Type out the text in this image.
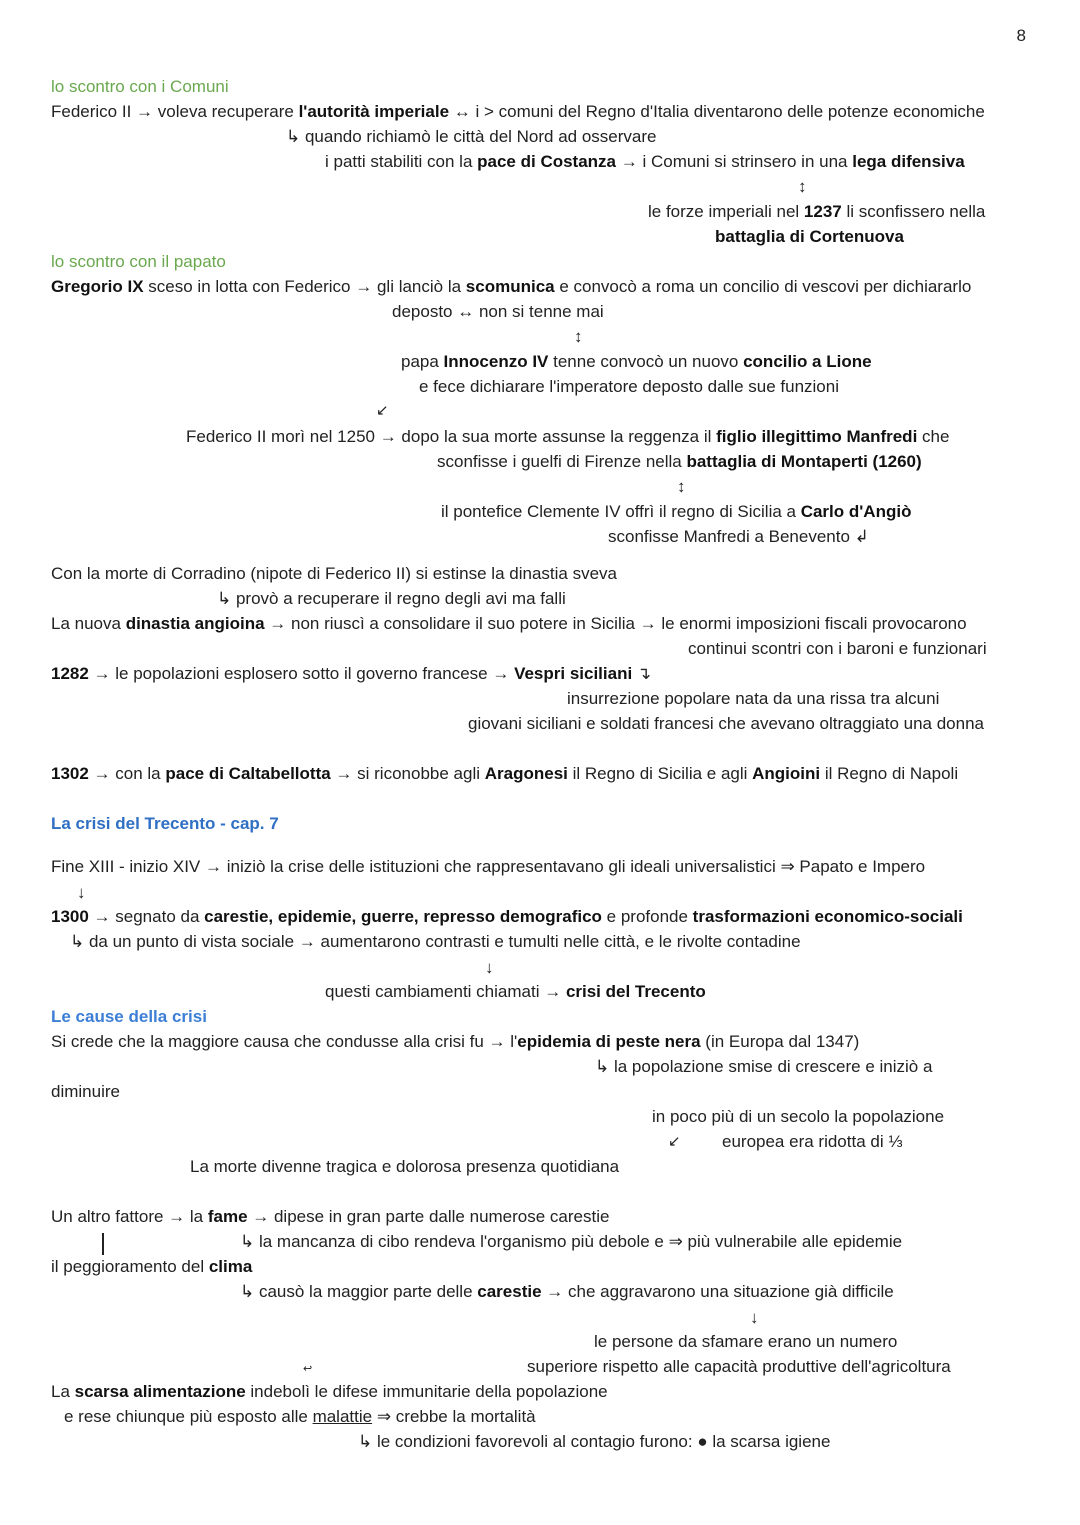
8
lo scontro con i Comuni
Federico II → voleva recuperare l'autorità imperiale ↔ i > comuni del Regno d'Italia diventarono delle potenze economiche
↳ quando richiamò le città del Nord ad osservare
i patti stabiliti con la pace di Costanza → i Comuni si strinsero in una lega difensiva
↕
le forze imperiali nel 1237 li sconfissero nella
battaglia di Cortenuova
lo scontro con il papato
Gregorio IX sceso in lotta con Federico → gli lanciò la scomunica e convocò a roma un concilio di vescovi per dichiararlo
deposto ↔ non si tenne mai
↕
papa Innocenzo IV tenne convocò un nuovo concilio a Lione
e fece dichiarare l'imperatore deposto dalle sue funzioni
↙
Federico II morì nel 1250 → dopo la sua morte assunse la reggenza il figlio illegittimo Manfredi che
sconfisse i guelfi di Firenze nella battaglia di Montaperti (1260)
↕
il pontefice Clemente IV offrì il regno di Sicilia a Carlo d'Angiò
sconfisse Manfredi a Benevento ↲
Con la morte di Corradino (nipote di Federico II) si estinse la dinastia sveva
↳ provò a recuperare il regno degli avi ma falli
La nuova dinastia angioina → non riuscì a consolidare il suo potere in Sicilia → le enormi imposizioni fiscali provocarono
continui scontri con i baroni e funzionari
1282 → le popolazioni esplosero sotto il governo francese → Vespri siciliani ↴
insurrezione popolare nata da una rissa tra alcuni
giovani siciliani e soldati francesi che avevano oltraggiato una donna
1302 → con la pace di Caltabellotta → si riconobbe agli Aragonesi il Regno di Sicilia e agli Angioini il Regno di Napoli
La crisi del Trecento - cap. 7
Fine XIII - inizio XIV → iniziò la crise delle istituzioni che rappresentavano gli ideali universalistici ⇒ Papato e Impero
↓
1300 → segnato da carestie, epidemie, guerre, represso demografico e profonde trasformazioni economico-sociali
↳ da un punto di vista sociale → aumentarono contrasti e tumulti nelle città, e le rivolte contadine
↓
questi cambiamenti chiamati → crisi del Trecento
Le cause della crisi
Si crede che la maggiore causa che condusse alla crisi fu → l'epidemia di peste nera (in Europa dal 1347)
↳ la popolazione smise di crescere e iniziò a
diminuire
in poco più di un secolo la popolazione
↙ europea era ridotta di ⅓
La morte divenne tragica e dolorosa presenza quotidiana
Un altro fattore → la fame → dipese in gran parte dalle numerose carestie
↳ la mancanza di cibo rendeva l'organismo più debole e ⇒ più vulnerabile alle epidemie
il peggioramento del clima
↳ causò la maggior parte delle carestie → che aggravarono una situazione già difficile
↓
le persone da sfamare erano un numero
↩	superiore rispetto alle capacità produttive dell'agricoltura
La scarsa alimentazione indebolì le difese immunitarie della popolazione
e rese chiunque più esposto alle malattie ⇒ crebbe la mortalità
↳ le condizioni favorevoli al contagio furono: ● la scarsa igiene
